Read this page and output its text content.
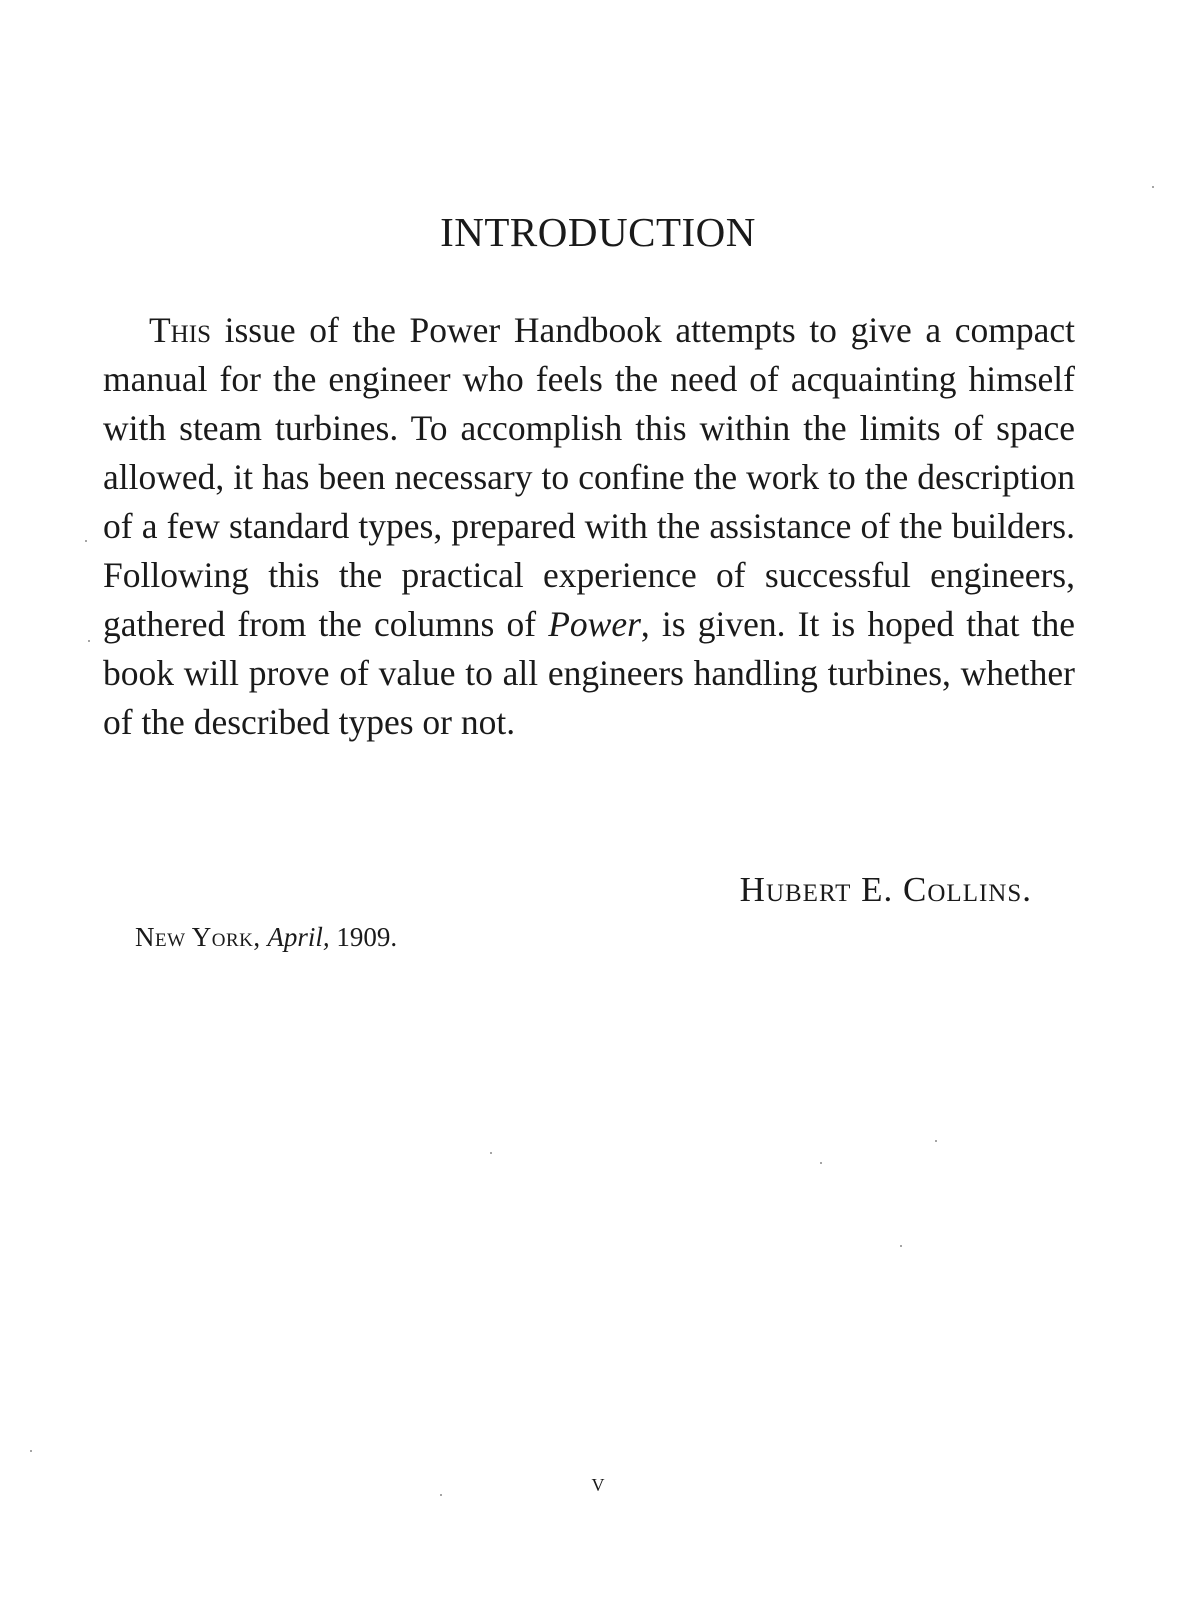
INTRODUCTION

This issue of the Power Handbook attempts to give a compact manual for the engineer who feels the need of acquainting himself with steam turbines. To accomplish this within the limits of space allowed, it has been necessary to confine the work to the description of a few standard types, prepared with the assistance of the builders. Following this the practical experience of successful engineers, gathered from the columns of Power, is given. It is hoped that the book will prove of value to all engineers handling turbines, whether of the described types or not.

Hubert E. Collins.

New York, April, 1909.

v
